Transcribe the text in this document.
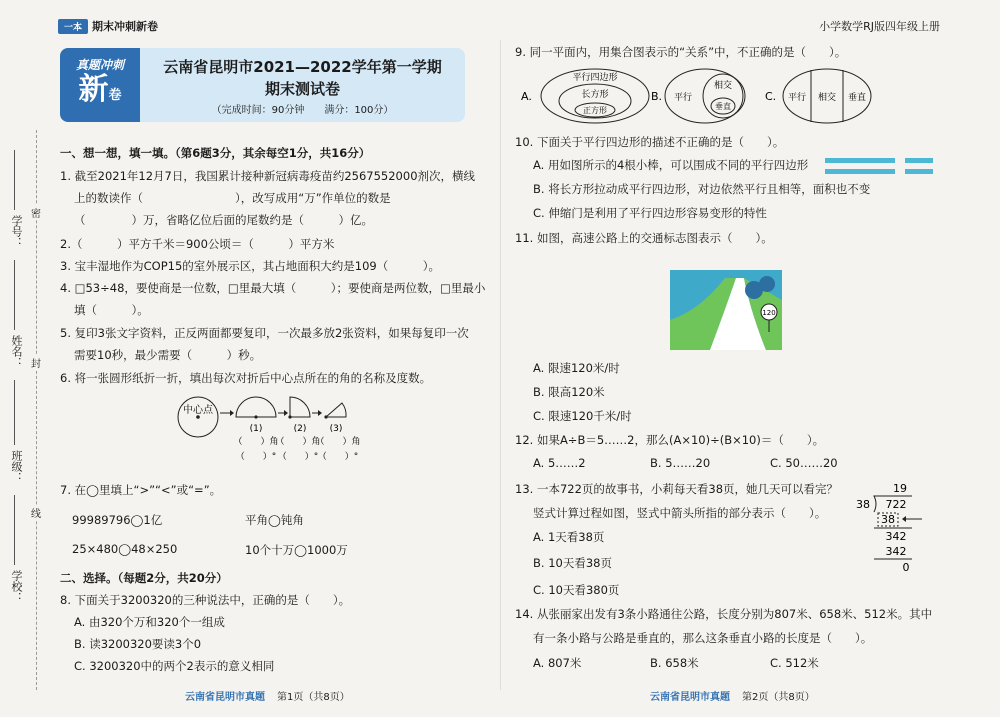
一本 期末冲刺新卷	小学数学RJ版四年级上册
真题冲刺
新卷
云南省昆明市2021—2022学年第一学期
期末测试卷
（完成时间：90分钟　　满分：100分）
学号：
姓名：
班级：
学校：
密
封
线
一、想一想，填一填。（第6题3分，其余每空1分，共16分）
1. 截至2021年12月7日，我国累计接种新冠病毒疫苗约2567552000剂次，横线
上的数读作（　　　　　　　　），改写成用“万”作单位的数是
（　　　　）万，省略亿位后面的尾数约是（　　　）亿。
2.（　　　）平方千米＝900公顷＝（　　　）平方米
3. 宝丰湿地作为COP15的室外展示区，其占地面积大约是109（　　　）。
4. □53÷48，要使商是一位数，□里最大填（　　　）；要使商是两位数，□里最小
填（　　　）。
5. 复印3张文字资料，正反两面都要复印，一次最多放2张资料，如果每复印一次
需要10秒，最少需要（　　　）秒。
6. 将一张圆形纸折一折，填出每次对折后中心点所在的角的名称及度数。
中心点
(1)	(2)	(3)
（　　）角
（　　）角
（　　）角
（　　）° （　　）° （　　）°
7. 在◯里填上“>”“<”或“=”。
99989796◯1亿	平角◯钝角
25×480◯48×250	10个十万◯1000万
二、选择。（每题2分，共20分）
8. 下面关于3200320的三种说法中，正确的是（　　）。
A. 由320个万和320个一组成
B. 读3200320要读3个0
C. 3200320中的两个2表示的意义相同
9. 同一平面内，用集合图表示的“关系”中，不正确的是（　　）。
A.
平行四边形
长方形
正方形
B. 平行
相交
垂直
C. 平行 相交 垂直
10. 下面关于平行四边形的描述不正确的是（　　）。
A. 用如图所示的4根小棒，可以围成不同的平行四边形
B. 将长方形拉动成平行四边形，对边依然平行且相等，面积也不变
C. 伸缩门是利用了平行四边形容易变形的特性
11. 如图，高速公路上的交通标志图表示（　　）。
120
A. 限速120米/时
B. 限高120米
C. 限速120千米/时
12. 如果A÷B＝5……2，那么(A×10)÷(B×10)＝（　　）。
A. 5……2	B. 5……20	C. 50……20
13. 一本722页的故事书，小莉每天看38页，她几天可以看完？
竖式计算过程如图，竖式中箭头所指的部分表示（　　）。
A. 1天看38页
B. 10天看38页
C. 10天看380页
19
38 722
38
342
342
0
14. 从张丽家出发有3条小路通往公路，长度分别为807米、658米、512米。其中
有一条小路与公路是垂直的，那么这条垂直小路的长度是（　　）。
A. 807米	B. 658米	C. 512米
云南省昆明市真题 第1页（共8页）	云南省昆明市真题 第2页（共8页）
